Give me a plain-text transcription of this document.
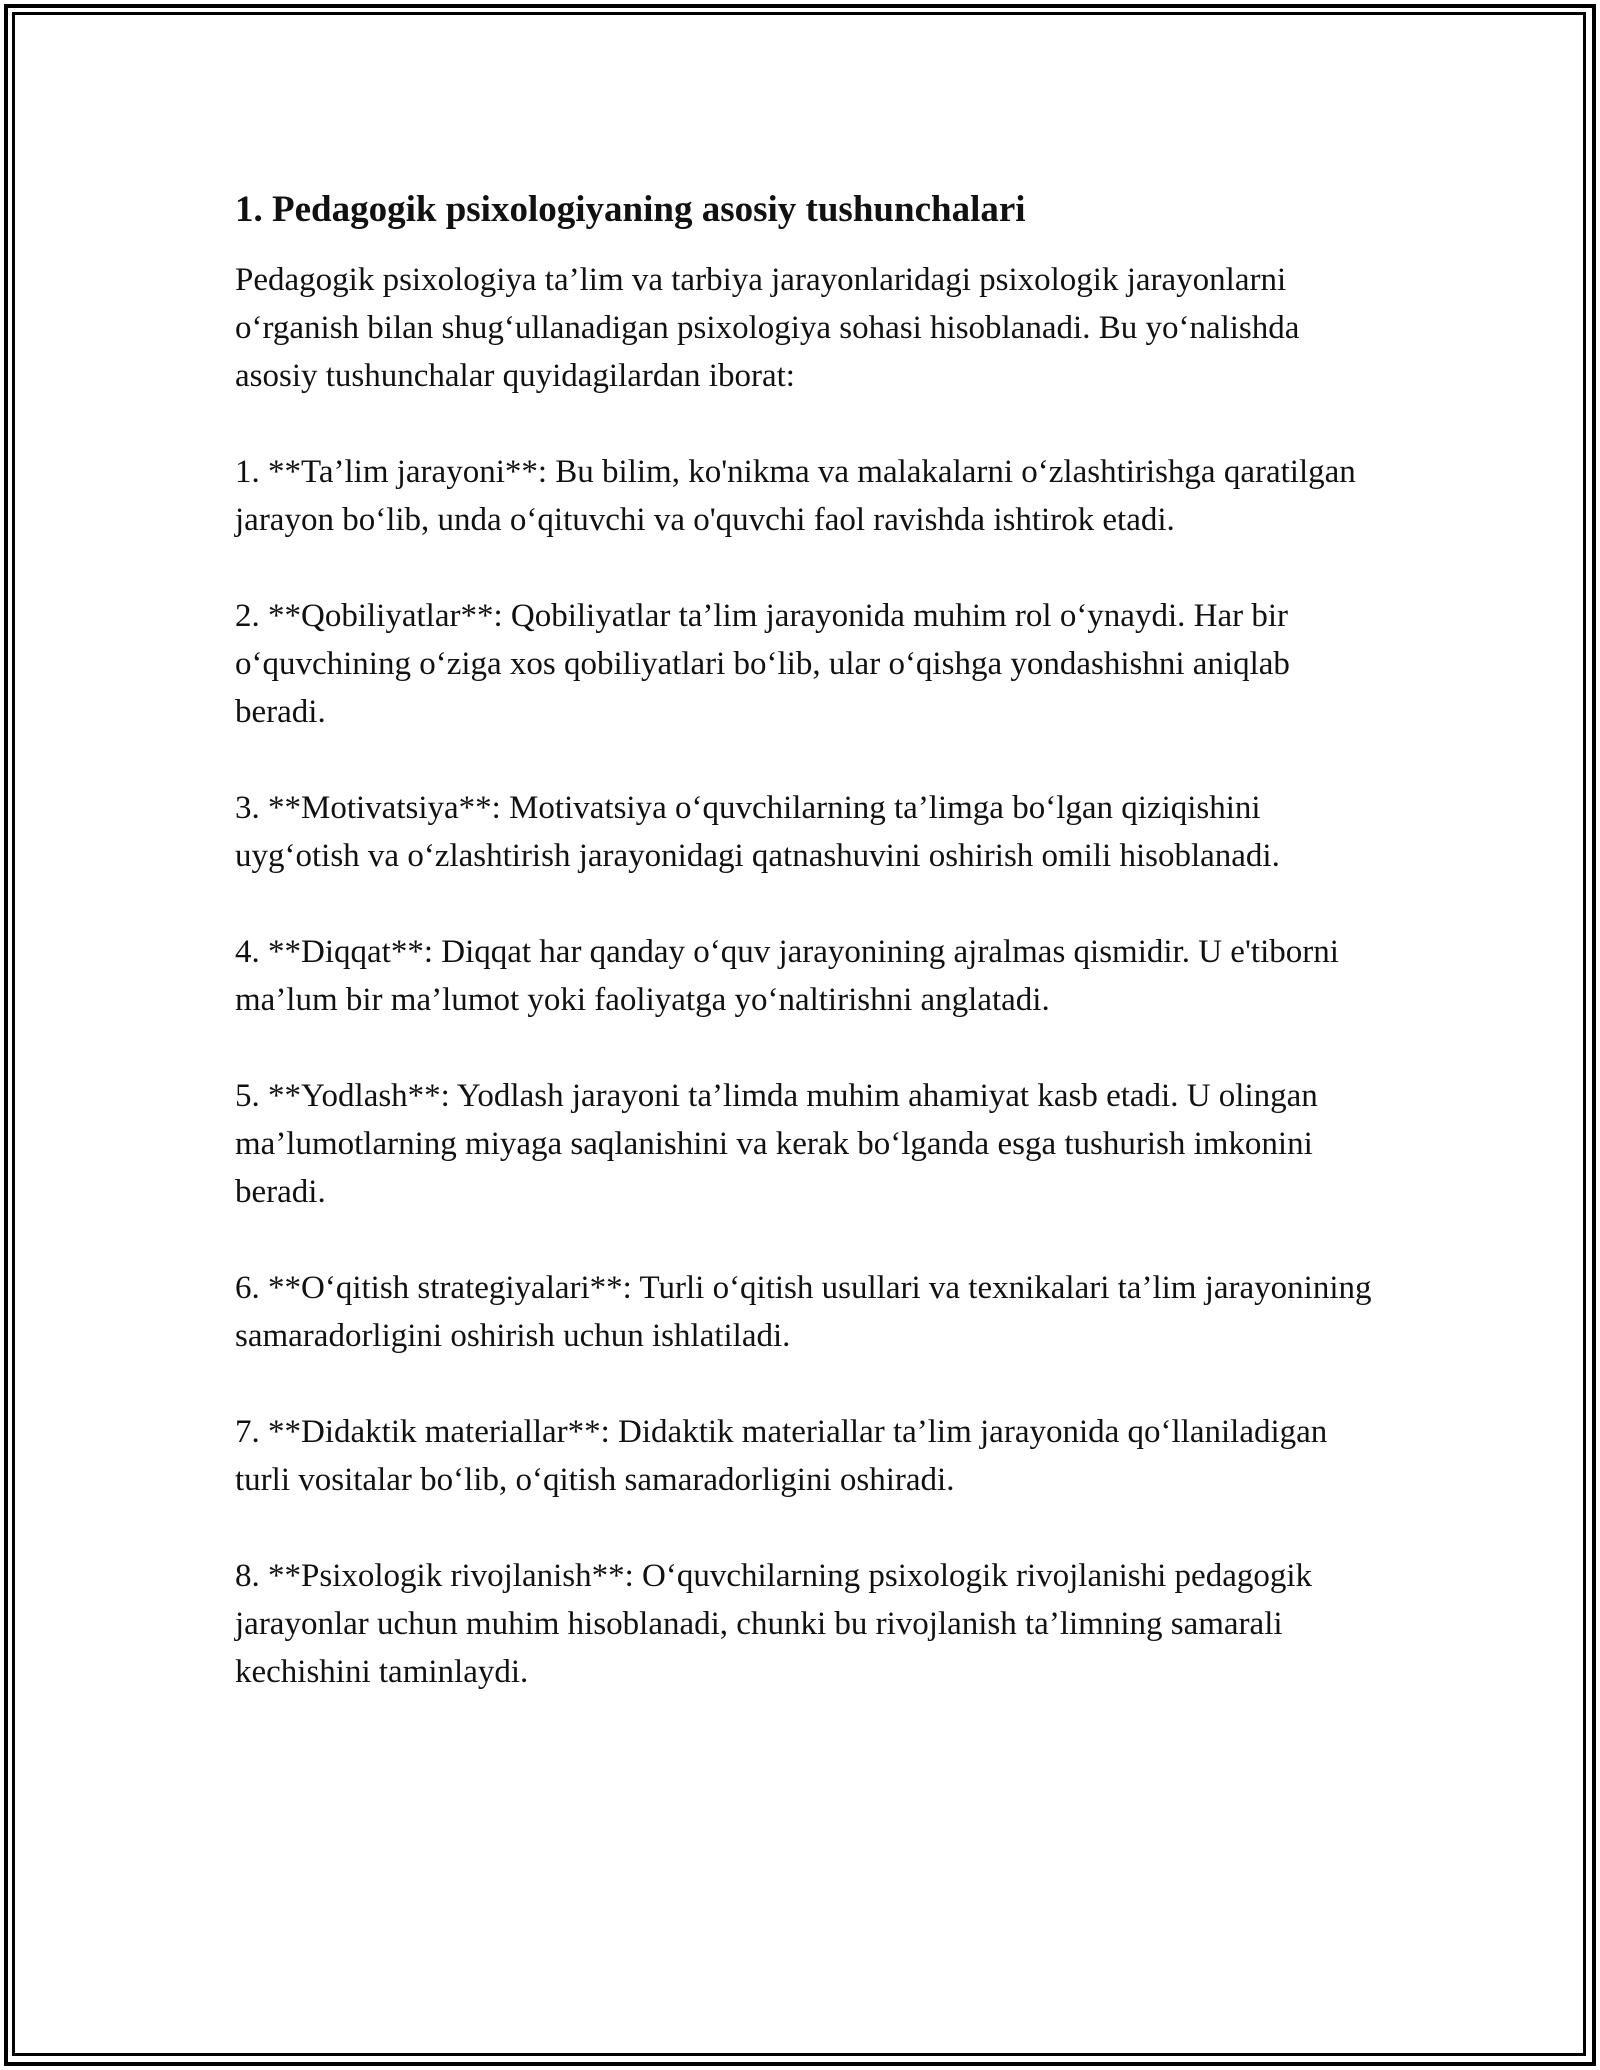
1. Pedagogik psixologiyaning asosiy tushunchalari

Pedagogik psixologiya ta’lim va tarbiya jarayonlaridagi psixologik jarayonlarni o‘rganish bilan shug‘ullanadigan psixologiya sohasi hisoblanadi. Bu yo‘nalishda asosiy tushunchalar quyidagilardan iborat:

1. **Ta’lim jarayoni**: Bu bilim, ko'nikma va malakalarni o‘zlashtirishga qaratilgan jarayon bo‘lib, unda o‘qituvchi va o'quvchi faol ravishda ishtirok etadi.

2. **Qobiliyatlar**: Qobiliyatlar ta’lim jarayonida muhim rol o‘ynaydi. Har bir o‘quvchining o‘ziga xos qobiliyatlari bo‘lib, ular o‘qishga yondashishni aniqlab beradi.

3. **Motivatsiya**: Motivatsiya o‘quvchilarning ta’limga bo‘lgan qiziqishini uyg‘otish va o‘zlashtirish jarayonidagi qatnashuvini oshirish omili hisoblanadi.

4. **Diqqat**: Diqqat har qanday o‘quv jarayonining ajralmas qismidir. U e'tiborni ma’lum bir ma’lumot yoki faoliyatga yo‘naltirishni anglatadi.

5. **Yodlash**: Yodlash jarayoni ta’limda muhim ahamiyat kasb etadi. U olingan ma’lumotlarning miyaga saqlanishini va kerak bo‘lganda esga tushurish imkonini beradi.

6. **O‘qitish strategiyalari**: Turli o‘qitish usullari va texnikalari ta’lim jarayonining samaradorligini oshirish uchun ishlatiladi.

7. **Didaktik materiallar**: Didaktik materiallar ta’lim jarayonida qo‘llaniladigan turli vositalar bo‘lib, o‘qitish samaradorligini oshiradi.

8. **Psixologik rivojlanish**: O‘quvchilarning psixologik rivojlanishi pedagogik jarayonlar uchun muhim hisoblanadi, chunki bu rivojlanish ta’limning samarali kechishini taminlaydi.
